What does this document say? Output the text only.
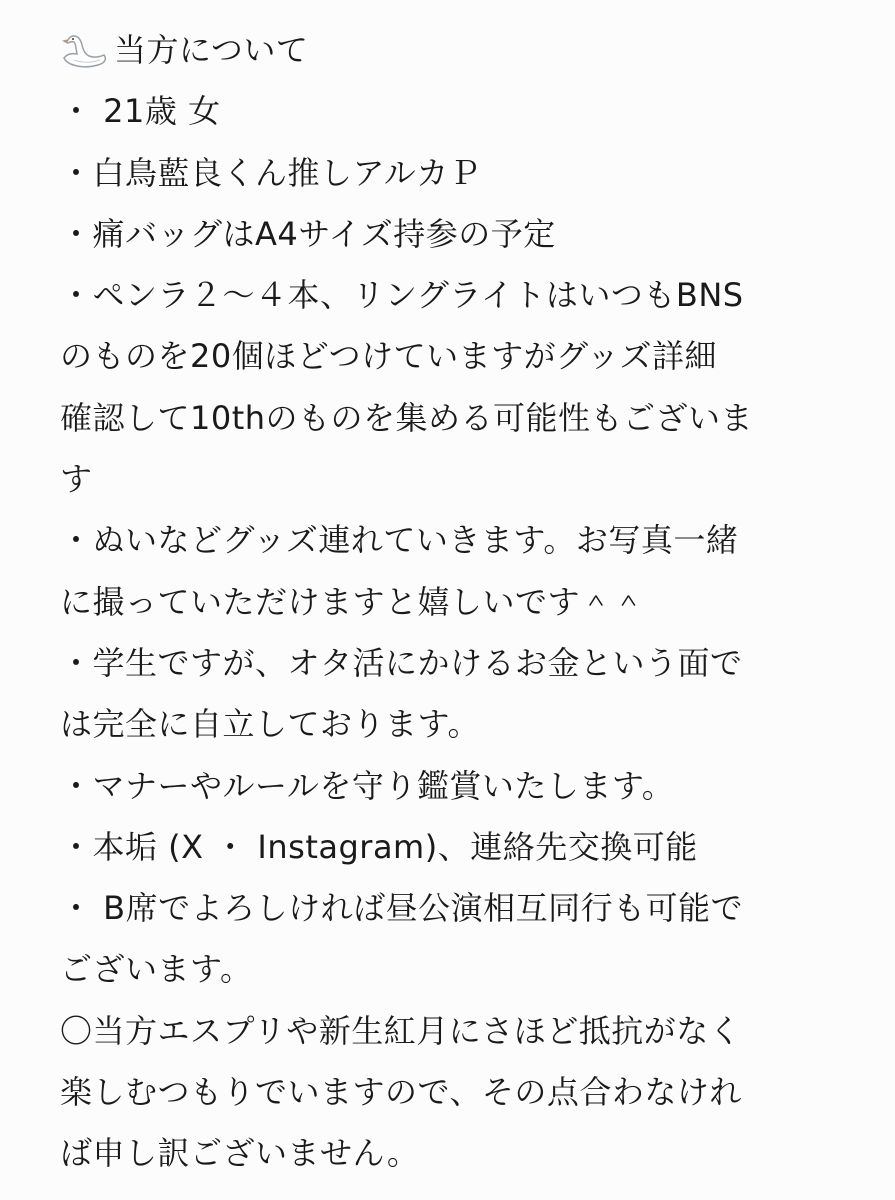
当方について
・ 21歳 女
・白鳥藍良くん推しアルカＰ
・痛バッグはA4サイズ持参の予定
・ペンラ２〜４本、リングライトはいつもBNS
のものを20個ほどつけていますがグッズ詳細
確認して10thのものを集める可能性もございま
す
・ぬいなどグッズ連れていきます。お写真一緒
に撮っていただけますと嬉しいです＾＾
・学生ですが、オタ活にかけるお金という面で
は完全に自立しております。
・マナーやルールを守り鑑賞いたします。
・本垢 (X ・ Instagram)、連絡先交換可能
・ B席でよろしければ昼公演相互同行も可能で
ございます。
〇当方エスプリや新生紅月にさほど抵抗がなく
楽しむつもりでいますので、その点合わなけれ
ば申し訳ございません。
